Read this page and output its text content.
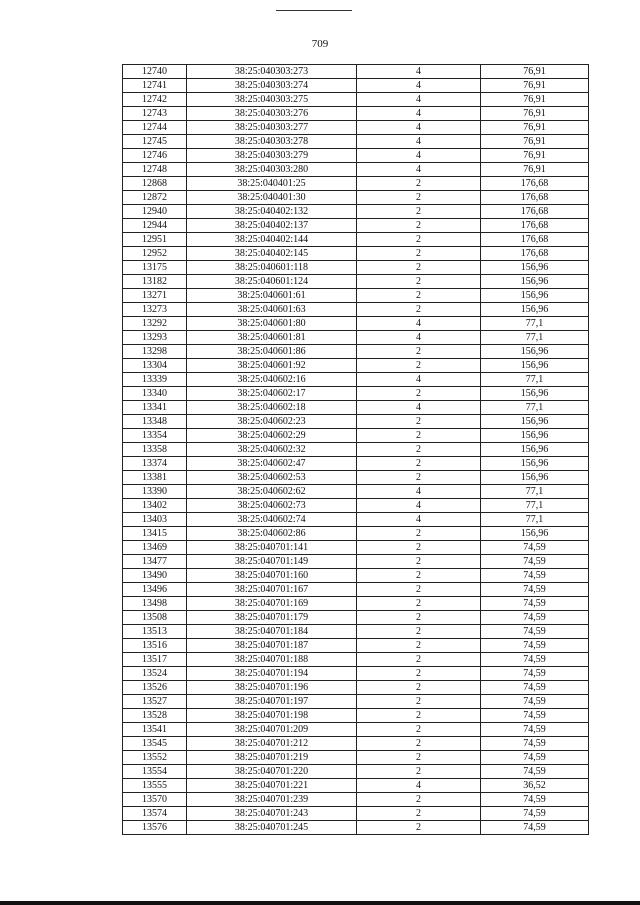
709
12740	38:25:040303:273	4	76,91
12741	38:25:040303:274	4	76,91
12742	38:25:040303:275	4	76,91
12743	38:25:040303:276	4	76,91
12744	38:25:040303:277	4	76,91
12745	38:25:040303:278	4	76,91
12746	38:25:040303:279	4	76,91
12748	38:25:040303:280	4	76,91
12868	38:25:040401:25	2	176,68
12872	38:25:040401:30	2	176,68
12940	38:25:040402:132	2	176,68
12944	38:25:040402:137	2	176,68
12951	38:25:040402:144	2	176,68
12952	38:25:040402:145	2	176,68
13175	38:25:040601:118	2	156,96
13182	38:25:040601:124	2	156,96
13271	38:25:040601:61	2	156,96
13273	38:25:040601:63	2	156,96
13292	38:25:040601:80	4	77,1
13293	38:25:040601:81	4	77,1
13298	38:25:040601:86	2	156,96
13304	38:25:040601:92	2	156,96
13339	38:25:040602:16	4	77,1
13340	38:25:040602:17	2	156,96
13341	38:25:040602:18	4	77,1
13348	38:25:040602:23	2	156,96
13354	38:25:040602:29	2	156,96
13358	38:25:040602:32	2	156,96
13374	38:25:040602:47	2	156,96
13381	38:25:040602:53	2	156,96
13390	38:25:040602:62	4	77,1
13402	38:25:040602:73	4	77,1
13403	38:25:040602:74	4	77,1
13415	38:25:040602:86	2	156,96
13469	38:25:040701:141	2	74,59
13477	38:25:040701:149	2	74,59
13490	38:25:040701:160	2	74,59
13496	38:25:040701:167	2	74,59
13498	38:25:040701:169	2	74,59
13508	38:25:040701:179	2	74,59
13513	38:25:040701:184	2	74,59
13516	38:25:040701:187	2	74,59
13517	38:25:040701:188	2	74,59
13524	38:25:040701:194	2	74,59
13526	38:25:040701:196	2	74,59
13527	38:25:040701:197	2	74,59
13528	38:25:040701:198	2	74,59
13541	38:25:040701:209	2	74,59
13545	38:25:040701:212	2	74,59
13552	38:25:040701:219	2	74,59
13554	38:25:040701:220	2	74,59
13555	38:25:040701:221	4	36,52
13570	38:25:040701:239	2	74,59
13574	38:25:040701:243	2	74,59
13576	38:25:040701:245	2	74,59
